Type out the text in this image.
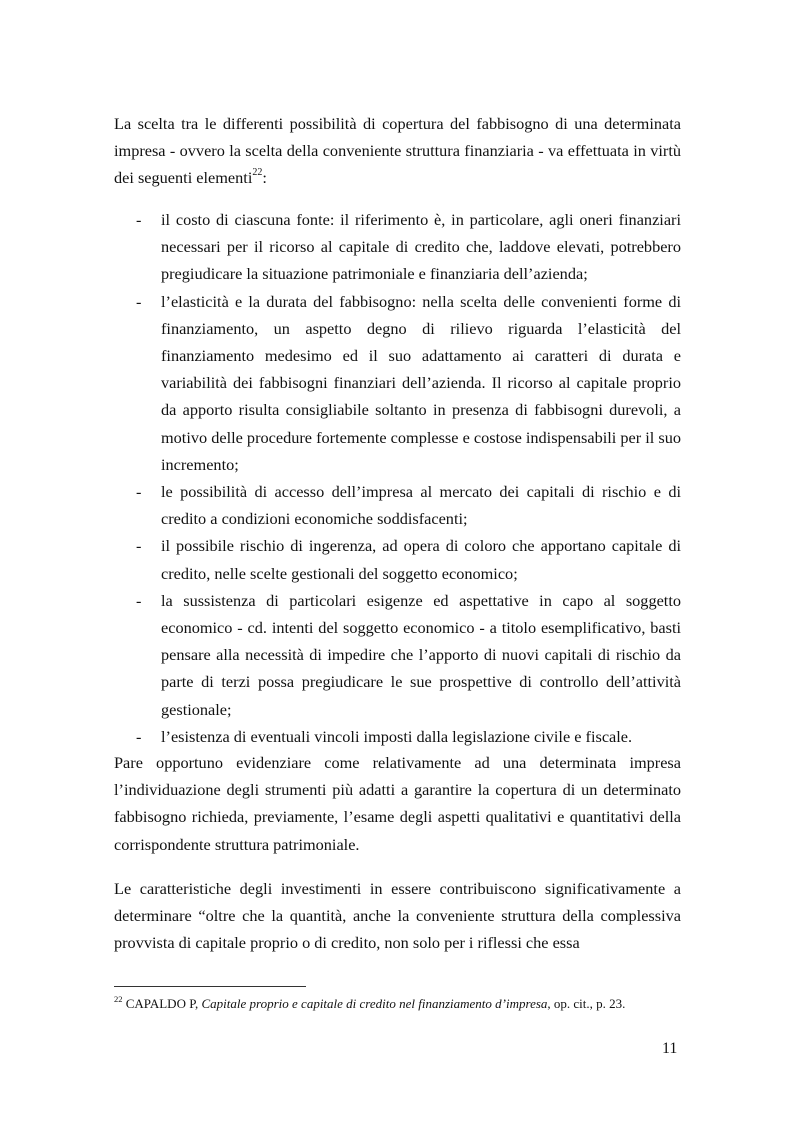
La scelta tra le differenti possibilità di copertura del fabbisogno di una determinata impresa - ovvero la scelta della conveniente struttura finanziaria - va effettuata in virtù dei seguenti elementi$^{22}$:

- il costo di ciascuna fonte: il riferimento è, in particolare, agli oneri finanziari necessari per il ricorso al capitale di credito che, laddove elevati, potrebbero pregiudicare la situazione patrimoniale e finanziaria dell’azienda;
- l’elasticità e la durata del fabbisogno: nella scelta delle convenienti forme di finanziamento, un aspetto degno di rilievo riguarda l’elasticità del finanziamento medesimo ed il suo adattamento ai caratteri di durata e variabilità dei fabbisogni finanziari dell’azienda. Il ricorso al capitale proprio da apporto risulta consigliabile soltanto in presenza di fabbisogni durevoli, a motivo delle procedure fortemente complesse e costose indispensabili per il suo incremento;
- le possibilità di accesso dell’impresa al mercato dei capitali di rischio e di credito a condizioni economiche soddisfacenti;
- il possibile rischio di ingerenza, ad opera di coloro che apportano capitale di credito, nelle scelte gestionali del soggetto economico;
- la sussistenza di particolari esigenze ed aspettative in capo al soggetto economico - cd. intenti del soggetto economico - a titolo esemplificativo, basti pensare alla necessità di impedire che l’apporto di nuovi capitali di rischio da parte di terzi possa pregiudicare le sue prospettive di controllo dell’attività gestionale;
- l’esistenza di eventuali vincoli imposti dalla legislazione civile e fiscale.

Pare opportuno evidenziare come relativamente ad una determinata impresa l’individuazione degli strumenti più adatti a garantire la copertura di un determinato fabbisogno richieda, previamente, l’esame degli aspetti qualitativi e quantitativi della corrispondente struttura patrimoniale.

Le caratteristiche degli investimenti in essere contribuiscono significativamente a determinare “oltre che la quantità, anche la conveniente struttura della complessiva provvista di capitale proprio o di credito, non solo per i riflessi che essa

$^{22}$ CAPALDO P, Capitale proprio e capitale di credito nel finanziamento d’impresa, op. cit., p. 23.
11
